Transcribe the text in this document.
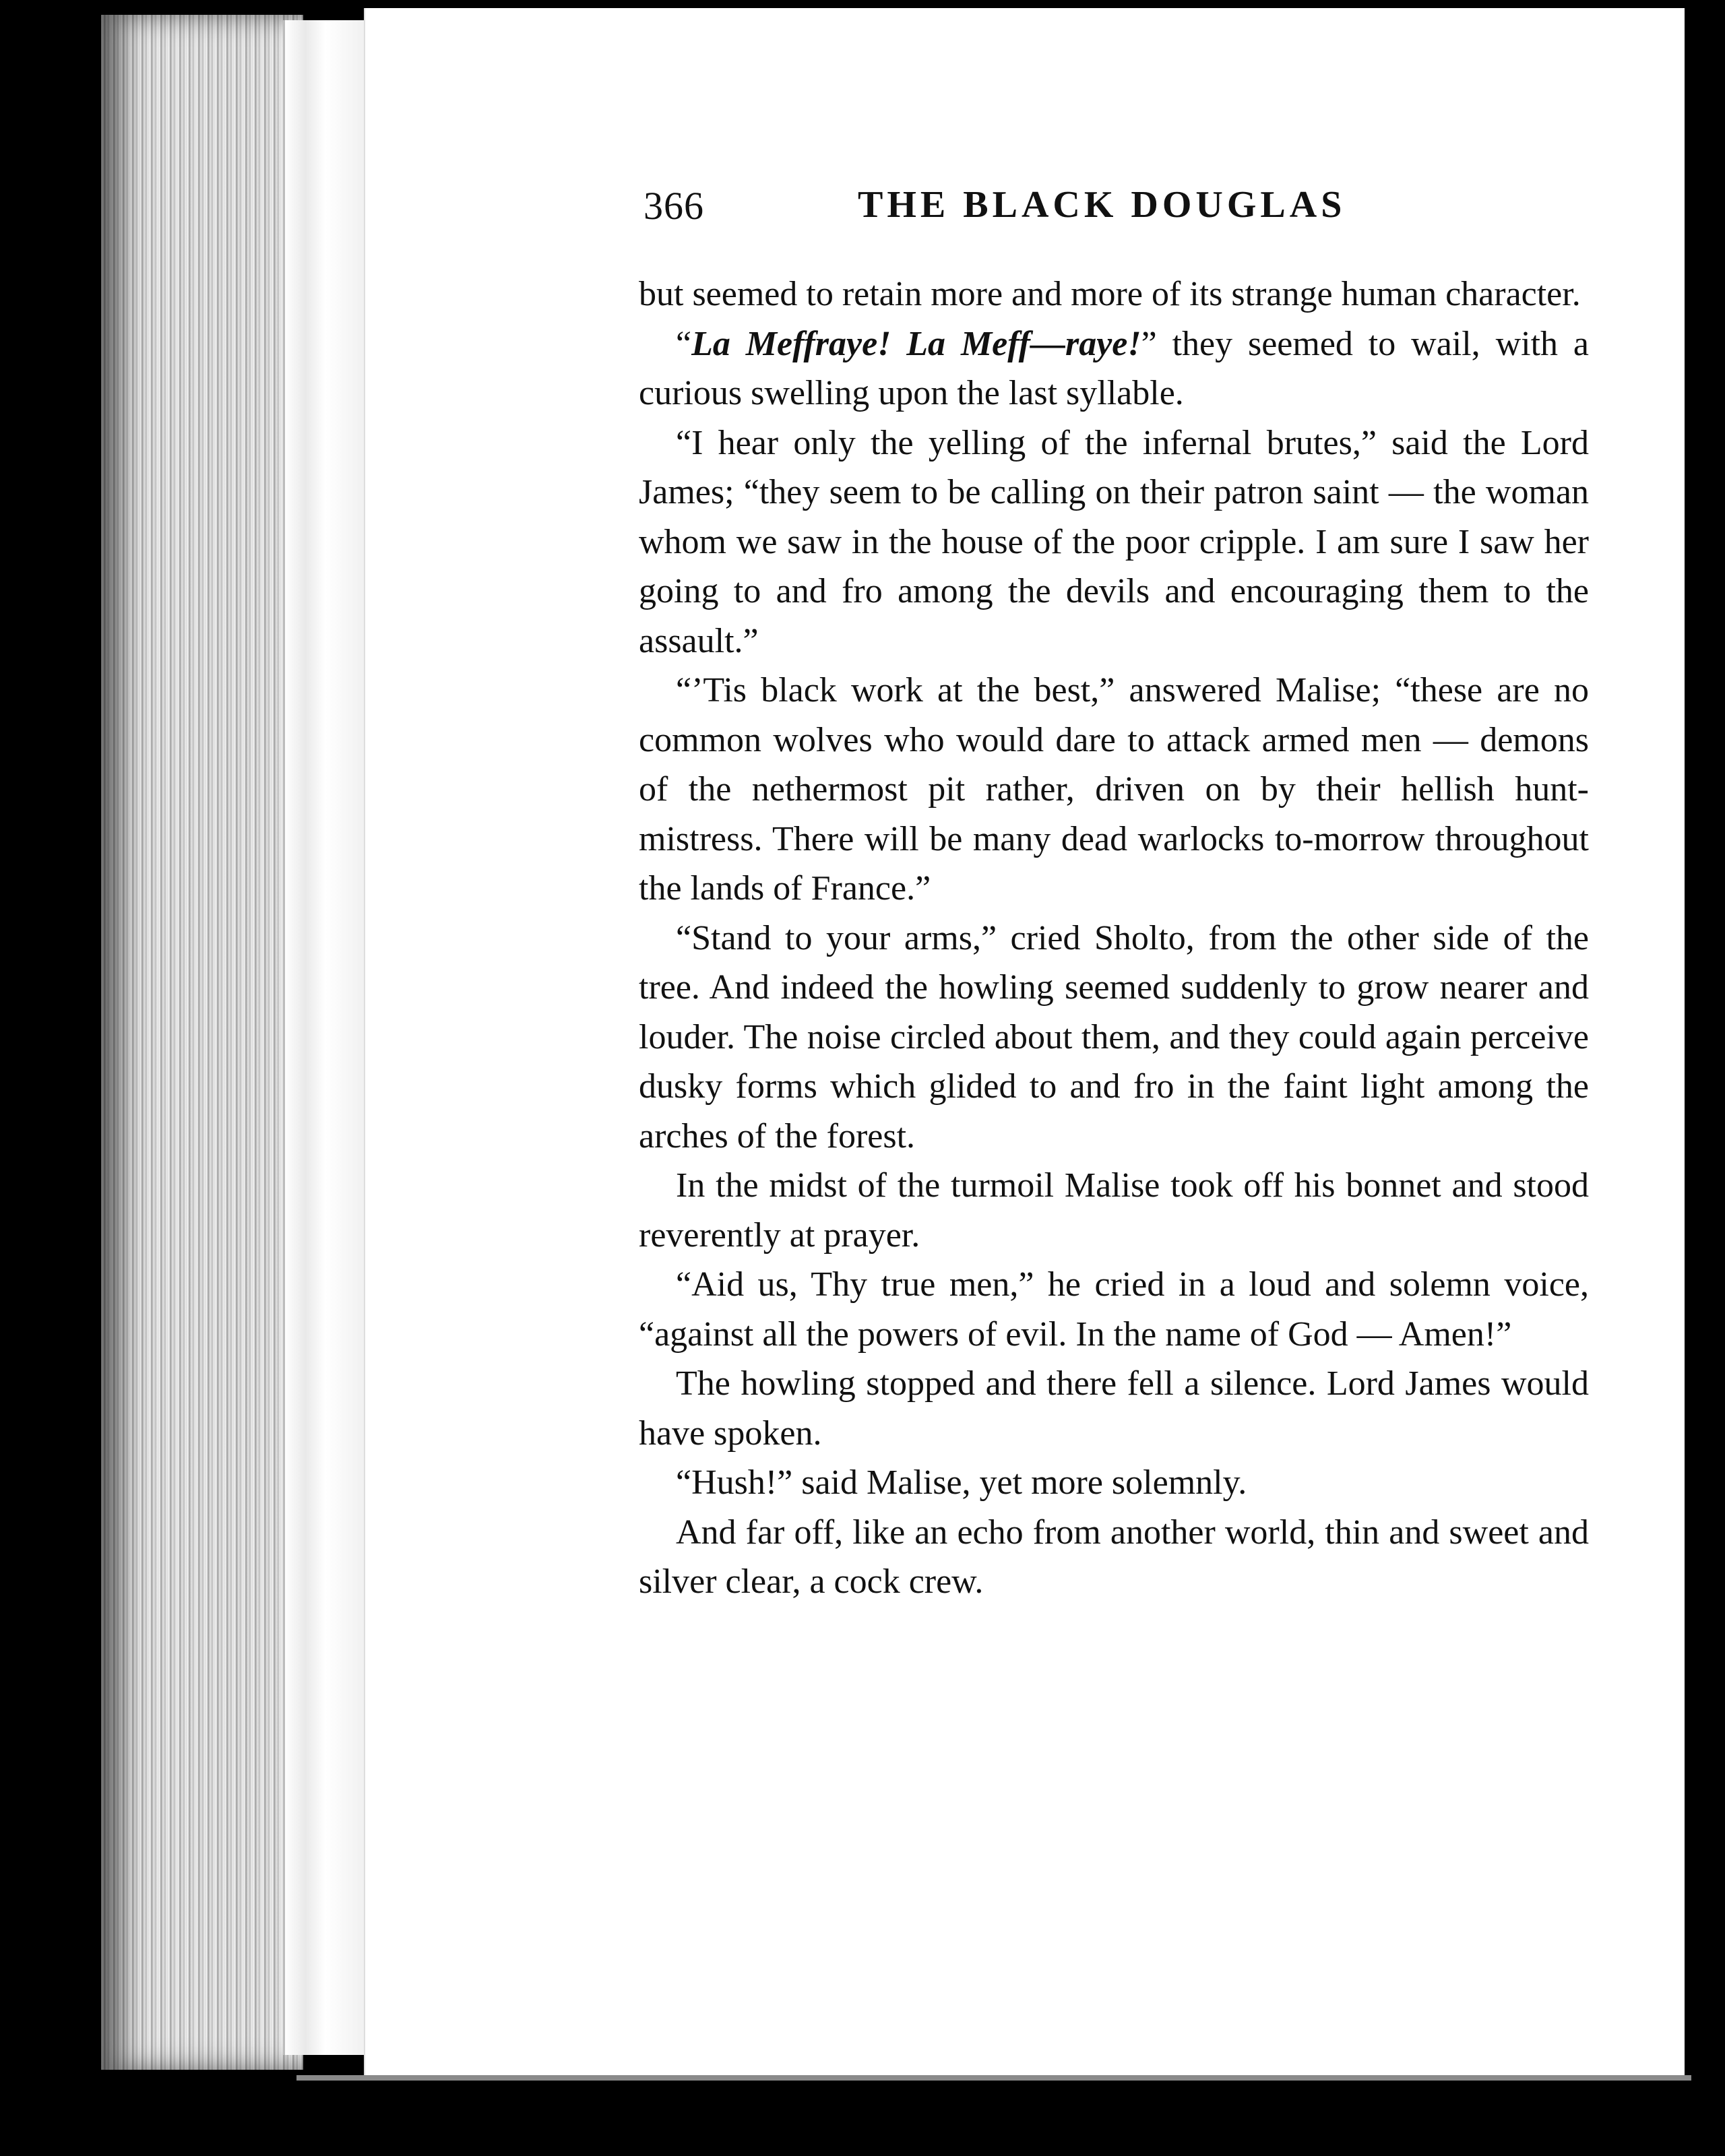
366	THE BLACK DOUGLAS

but seemed to retain more and more of its strange human character.

“La Meffraye! La Meff—raye!” they seemed to wail, with a curious swelling upon the last syllable.

“I hear only the yelling of the infernal brutes,” said the Lord James; “they seem to be calling on their patron saint — the woman whom we saw in the house of the poor cripple. I am sure I saw her going to and fro among the devils and encouraging them to the assault.”

“’Tis black work at the best,” answered Malise; “these are no common wolves who would dare to attack armed men — demons of the nethermost pit rather, driven on by their hellish hunt-mistress. There will be many dead warlocks to-morrow throughout the lands of France.”

“Stand to your arms,” cried Sholto, from the other side of the tree. And indeed the howling seemed suddenly to grow nearer and louder. The noise circled about them, and they could again perceive dusky forms which glided to and fro in the faint light among the arches of the forest.

In the midst of the turmoil Malise took off his bonnet and stood reverently at prayer.

“Aid us, Thy true men,” he cried in a loud and solemn voice, “against all the powers of evil. In the name of God — Amen!”

The howling stopped and there fell a silence. Lord James would have spoken.

“Hush!” said Malise, yet more solemnly.

And far off, like an echo from another world, thin and sweet and silver clear, a cock crew.
